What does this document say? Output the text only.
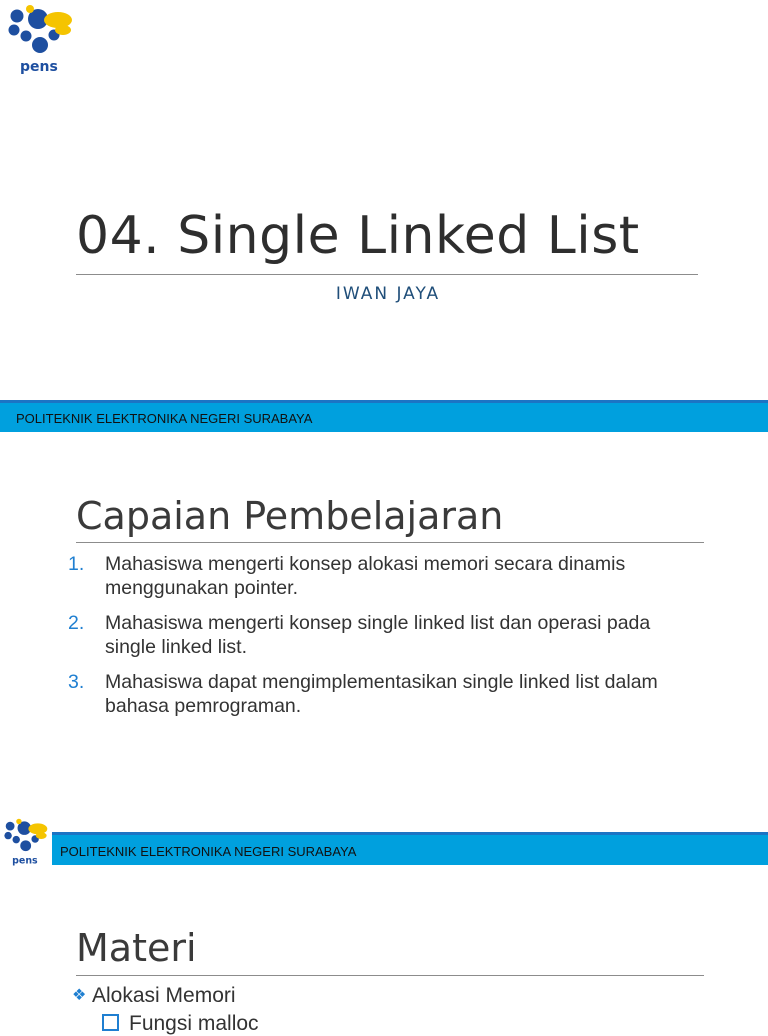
pens
04. Single Linked List
IWAN JAYA
POLITEKNIK ELEKTRONIKA NEGERI SURABAYA
Capaian Pembelajaran
1. Mahasiswa mengerti konsep alokasi memori secara dinamis
menggunakan pointer.
2. Mahasiswa mengerti konsep single linked list dan operasi pada
single linked list.
3. Mahasiswa dapat mengimplementasikan single linked list dalam
bahasa pemrograman.
POLITEKNIK ELEKTRONIKA NEGERI SURABAYA
pens
Materi
❖ Alokasi Memori
Fungsi malloc
